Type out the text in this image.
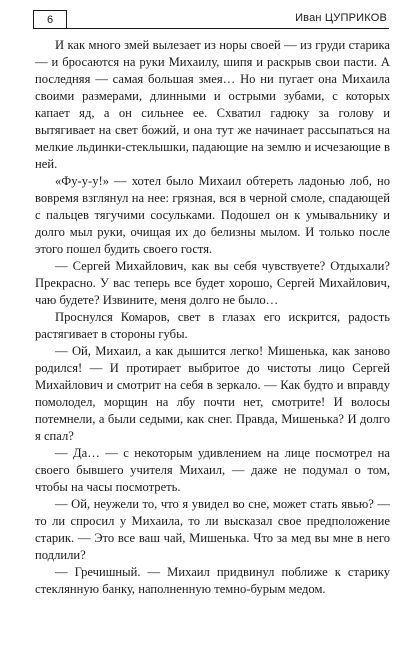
6	Иван ЦУПРИКОВ

И как много змей вылезает из норы своей — из груди старика — и бросаются на руки Михаилу, шипя и раскрыв свои пасти. А последняя — самая большая змея… Но ни пугает она Михаила своими размерами, длинными и острыми зубами, с которых капает яд, а он сильнее ее. Схватил гадюку за голову и вытягивает на свет божий, и она тут же начинает рассыпаться на мелкие льдинки-стеклышки, падающие на землю и исчезающие в ней.

«Фу-у-у!» — хотел было Михаил обтереть ладонью лоб, но вовремя взглянул на нее: грязная, вся в черной смоле, спадающей с пальцев тягучими сосульками. Подошел он к умывальнику и долго мыл руки, очищая их до белизны мылом. И только после этого пошел будить своего гостя.

— Сергей Михайлович, как вы себя чувствуете? Отдыхали? Прекрасно. У вас теперь все будет хорошо, Сергей Михайлович, чаю будете? Извините, меня долго не было…

Проснулся Комаров, свет в глазах его искрится, радость растягивает в стороны губы.

— Ой, Михаил, а как дышится легко! Мишенька, как заново родился! — И протирает выбритое до чистоты лицо Сергей Михайлович и смотрит на себя в зеркало. — Как будто и вправду помолодел, морщин на лбу почти нет, смотрите! И волосы потемнели, а были седыми, как снег. Правда, Мишенька? И долго я спал?

— Да… — с некоторым удивлением на лице посмотрел на своего бывшего учителя Михаил, — даже не подумал о том, чтобы на часы посмотреть.

— Ой, неужели то, что я увидел во сне, может стать явью? — то ли спросил у Михаила, то ли высказал свое предположение старик. — Это все ваш чай, Мишенька. Что за мед вы мне в него подлили?

— Гречишный. — Михаил придвинул поближе к старику стеклянную банку, наполненную темно-бурым медом.
